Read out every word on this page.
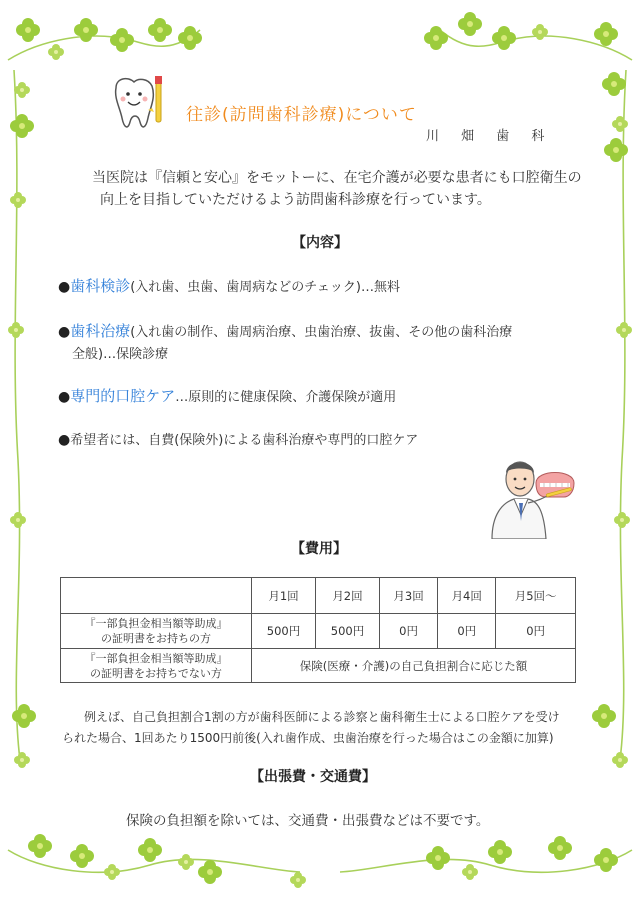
往診(訪問歯科診療)について
川 畑 歯 科
当医院は『信頼と安心』をモットーに、在宅介護が必要な患者にも口腔衛生の
向上を目指していただけるよう訪問歯科診療を行っています。
【内容】
●歯科検診(入れ歯、虫歯、歯周病などのチェック)…無料
●歯科治療(入れ歯の制作、歯周病治療、虫歯治療、抜歯、その他の歯科治療
全般)…保険診療
●専門的口腔ケア…原則的に健康保険、介護保険が適用
●希望者には、自費(保険外)による歯科治療や専門的口腔ケア
【費用】
	月1回	月2回	月3回	月4回	月5回～

『一部負担金相当額等助成』
の証明書をお持ちの方	500円	500円	0円	0円	0円

『一部負担金相当額等助成』
の証明書をお持ちでない方	保険(医療・介護)の自己負担割合に応じた額				
例えば、自己負担割合1割の方が歯科医師による診察と歯科衛生士による口腔ケアを受け
られた場合、1回あたり1500円前後(入れ歯作成、虫歯治療を行った場合はこの金額に加算)
【出張費・交通費】
保険の負担額を除いては、交通費・出張費などは不要です。
